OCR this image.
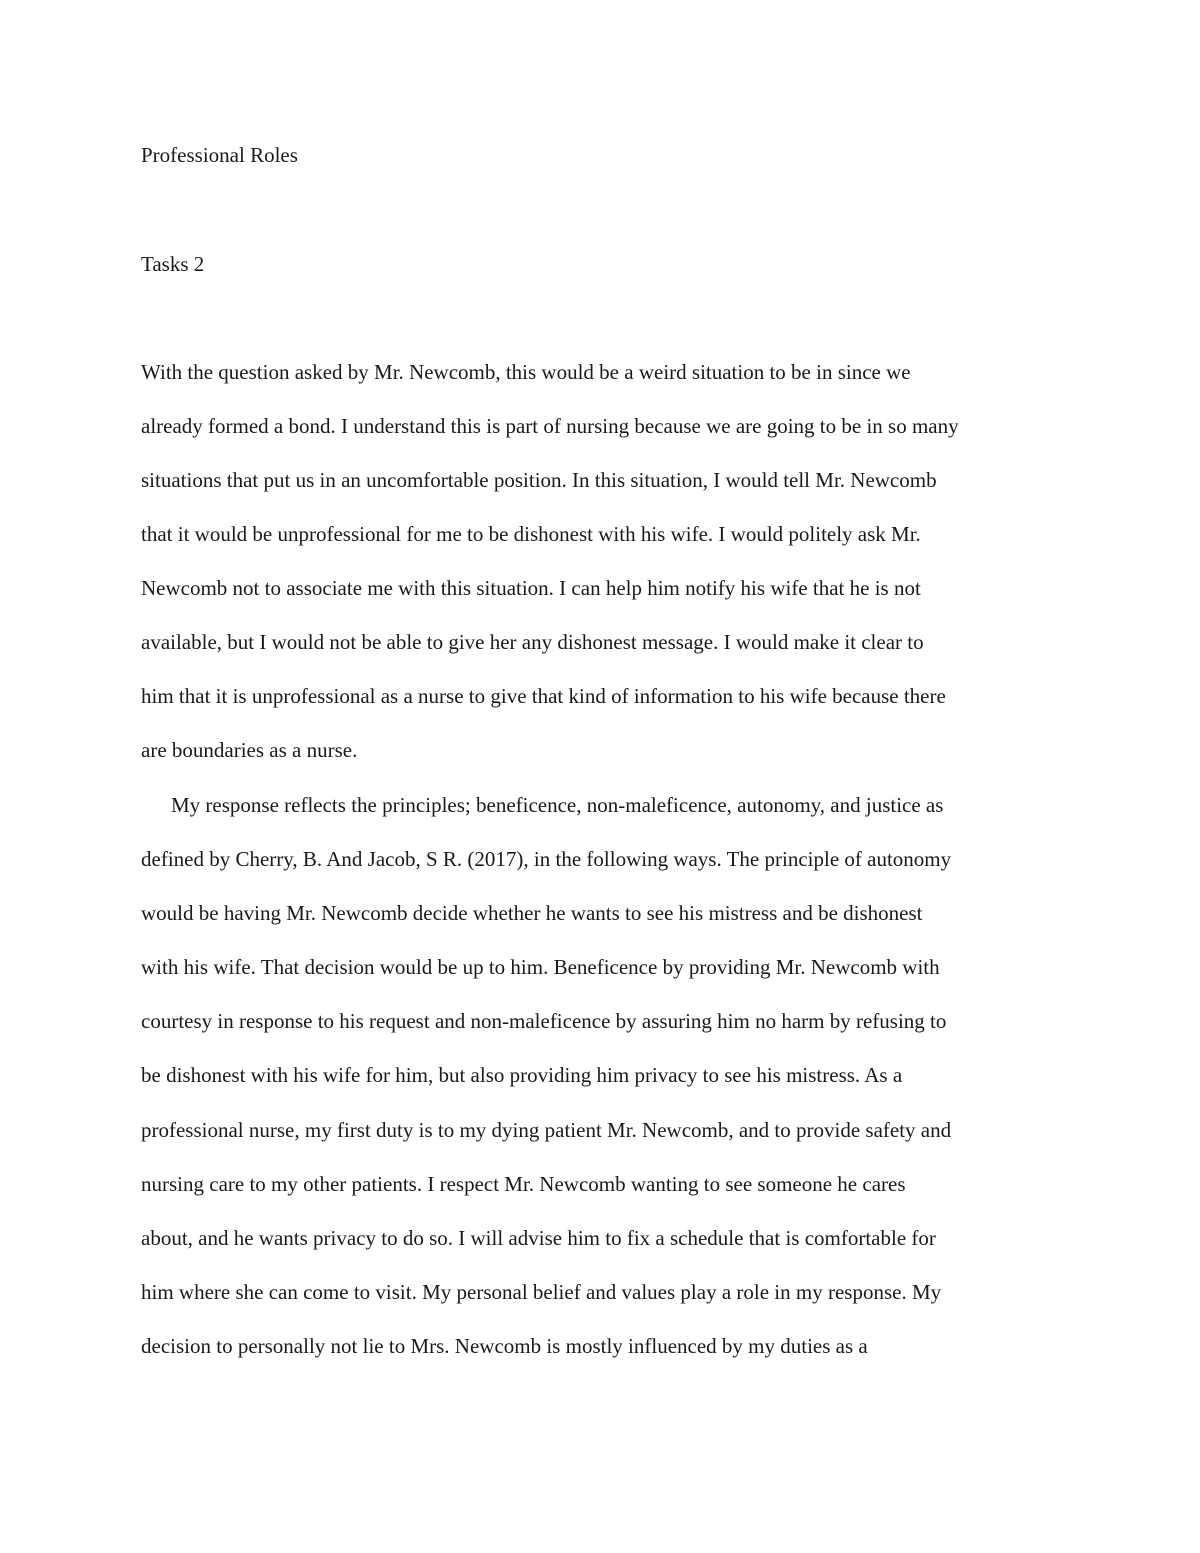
Professional Roles
Tasks 2
With the question asked by Mr. Newcomb, this would be a weird situation to be in since we
already formed a bond. I understand this is part of nursing because we are going to be in so many
situations that put us in an uncomfortable position. In this situation, I would tell Mr. Newcomb
that it would be unprofessional for me to be dishonest with his wife. I would politely ask Mr.
Newcomb not to associate me with this situation. I can help him notify his wife that he is not
available, but I would not be able to give her any dishonest message. I would make it clear to
him that it is unprofessional as a nurse to give that kind of information to his wife because there
are boundaries as a nurse.
My response reflects the principles; beneficence, non-maleficence, autonomy, and justice as
defined by Cherry, B. And Jacob, S R. (2017), in the following ways. The principle of autonomy
would be having Mr. Newcomb decide whether he wants to see his mistress and be dishonest
with his wife. That decision would be up to him. Beneficence by providing Mr. Newcomb with
courtesy in response to his request and non-maleficence by assuring him no harm by refusing to
be dishonest with his wife for him, but also providing him privacy to see his mistress. As a
professional nurse, my first duty is to my dying patient Mr. Newcomb, and to provide safety and
nursing care to my other patients. I respect Mr. Newcomb wanting to see someone he cares
about, and he wants privacy to do so. I will advise him to fix a schedule that is comfortable for
him where she can come to visit. My personal belief and values play a role in my response. My
decision to personally not lie to Mrs. Newcomb is mostly influenced by my duties as a
